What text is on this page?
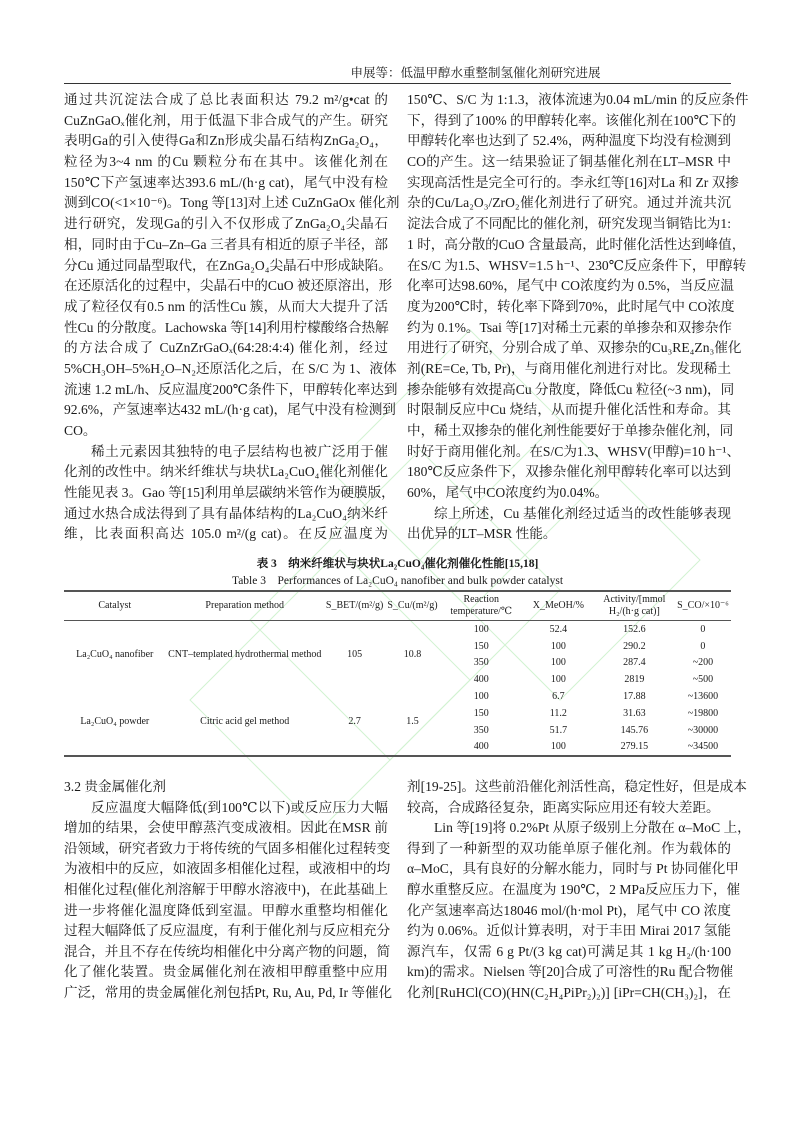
申展等：低温甲醇水重整制氢催化剂研究进展
通过共沉淀法合成了总比表面积达 79.2 m²/g•cat 的
CuZnGaOₓ催化剂，用于低温下非合成气的产生。研究
表明Ga的引入使得Ga和Zn形成尖晶石结构ZnGa₂O₄，
粒径为3~4 nm 的Cu 颗粒分布在其中。该催化剂在
150℃下产氢速率达393.6 mL/(h·g cat)，尾气中没有检
测到CO(<1×10⁻⁶)。Tong 等[13]对上述 CuZnGaOx 催化剂
进行研究，发现Ga的引入不仅形成了ZnGa₂O₄尖晶石
相，同时由于Cu–Zn–Ga 三者具有相近的原子半径，部
分Cu 通过同晶型取代，在ZnGa₂O₄尖晶石中形成缺陷。
在还原活化的过程中，尖晶石中的CuO 被还原溶出，形
成了粒径仅有0.5 nm 的活性Cu 簇，从而大大提升了活
性Cu 的分散度。Lachowska 等[14]利用柠檬酸络合热解
的方法合成了 CuZnZrGaOₓ(64:28:4:4) 催化剂，经过
5%CH₃OH–5%H₂O–N₂还原活化之后，在 S/C 为 1、液体
流速 1.2 mL/h、反应温度200℃条件下，甲醇转化率达到
92.6%，产氢速率达432 mL/(h·g cat)，尾气中没有检测到
CO。
稀土元素因其独特的电子层结构也被广泛用于催
化剂的改性中。纳米纤维状与块状La₂CuO₄催化剂催化
性能见表 3。Gao 等[15]利用单层碳纳米管作为硬膜版，
通过水热合成法得到了具有晶体结构的La₂CuO₄纳米纤
维，比表面积高达 105.0 m²/(g cat)。在反应温度为
150℃、S/C 为 1:1.3，液体流速为0.04 mL/min 的反应条件
下，得到了100% 的甲醇转化率。该催化剂在100℃下的
甲醇转化率也达到了 52.4%，两种温度下均没有检测到
CO的产生。这一结果验证了铜基催化剂在LT–MSR 中
实现高活性是完全可行的。李永红等[16]对La 和 Zr 双掺
杂的Cu/La₂O₃/ZrO₂催化剂进行了研究。通过并流共沉
淀法合成了不同配比的催化剂，研究发现当铜锆比为1:
1 时，高分散的CuO 含量最高，此时催化活性达到峰值，
在S/C 为1.5、WHSV=1.5 h⁻¹、230℃反应条件下，甲醇转
化率可达98.60%，尾气中 CO浓度约为 0.5%，当反应温
度为200℃时，转化率下降到70%，此时尾气中 CO浓度
约为 0.1%。Tsai 等[17]对稀土元素的单掺杂和双掺杂作
用进行了研究，分别合成了单、双掺杂的Cu₃RE₄Zn₃催化
剂(RE=Ce, Tb, Pr)，与商用催化剂进行对比。发现稀土
掺杂能够有效提高Cu 分散度，降低Cu 粒径(~3 nm)，同
时限制反应中Cu 烧结，从而提升催化活性和寿命。其
中，稀土双掺杂的催化剂性能要好于单掺杂催化剂，同
时好于商用催化剂。在S/C为1.3、WHSV(甲醇)=10 h⁻¹、
180℃反应条件下，双掺杂催化剂甲醇转化率可以达到
60%，尾气中CO浓度约为0.04%。
综上所述，Cu 基催化剂经过适当的改性能够表现
出优异的LT–MSR 性能。
表 3　纳米纤维状与块状La₂CuO₄催化剂催化性能[15,18]
Table 3　Performances of La₂CuO₄ nanofiber and bulk powder catalyst
Catalyst	Preparation method	S_BET/(m²/g)	S_Cu/(m²/g)	Reaction temperature/℃	X_MeOH/%	Activity/[mmol H₂/(h·g cat)]	S_CO/×10⁻⁶
La₂CuO₄ nanofiber	CNT–templated hydrothermal method	105	10.8	100	52.4	152.6	0
				150	100	290.2	0
				350	100	287.4	~200
				400	100	2819	~500
La₂CuO₄ powder	Citric acid gel method	2.7	1.5	100	6.7	17.88	~13600
				150	11.2	31.63	~19800
				350	51.7	145.76	~30000
				400	100	279.15	~34500
3.2 贵金属催化剂
反应温度大幅降低(到100℃以下)或反应压力大幅
增加的结果，会使甲醇蒸汽变成液相。因此在MSR 前
沿领域，研究者致力于将传统的气固多相催化过程转变
为液相中的反应，如液固多相催化过程，或液相中的均
相催化过程(催化剂溶解于甲醇水溶液中)，在此基础上
进一步将催化温度降低到室温。甲醇水重整均相催化
过程大幅降低了反应温度，有利于催化剂与反应相充分
混合，并且不存在传统均相催化中分离产物的问题，简
化了催化装置。贵金属催化剂在液相甲醇重整中应用
广泛，常用的贵金属催化剂包括Pt, Ru, Au, Pd, Ir 等催化
剂[19-25]。这些前沿催化剂活性高，稳定性好，但是成本
较高，合成路径复杂，距离实际应用还有较大差距。
Lin 等[19]将 0.2%Pt 从原子级别上分散在 α–MoC 上，
得到了一种新型的双功能单原子催化剂。作为载体的
α–MoC，具有良好的分解水能力，同时与 Pt 协同催化甲
醇水重整反应。在温度为 190℃，2 MPa反应压力下，催
化产氢速率高达18046 mol/(h·mol Pt)，尾气中 CO 浓度
约为 0.06%。近似计算表明，对于丰田 Mirai 2017 氢能
源汽车，仅需 6 g Pt/(3 kg cat)可满足其 1 kg H₂/(h·100
km)的需求。Nielsen 等[20]合成了可溶性的Ru 配合物催
化剂[RuHCl(CO)(HN(C₂H₄PiPr₂)₂)] [iPr=CH(CH₃)₂]，在
